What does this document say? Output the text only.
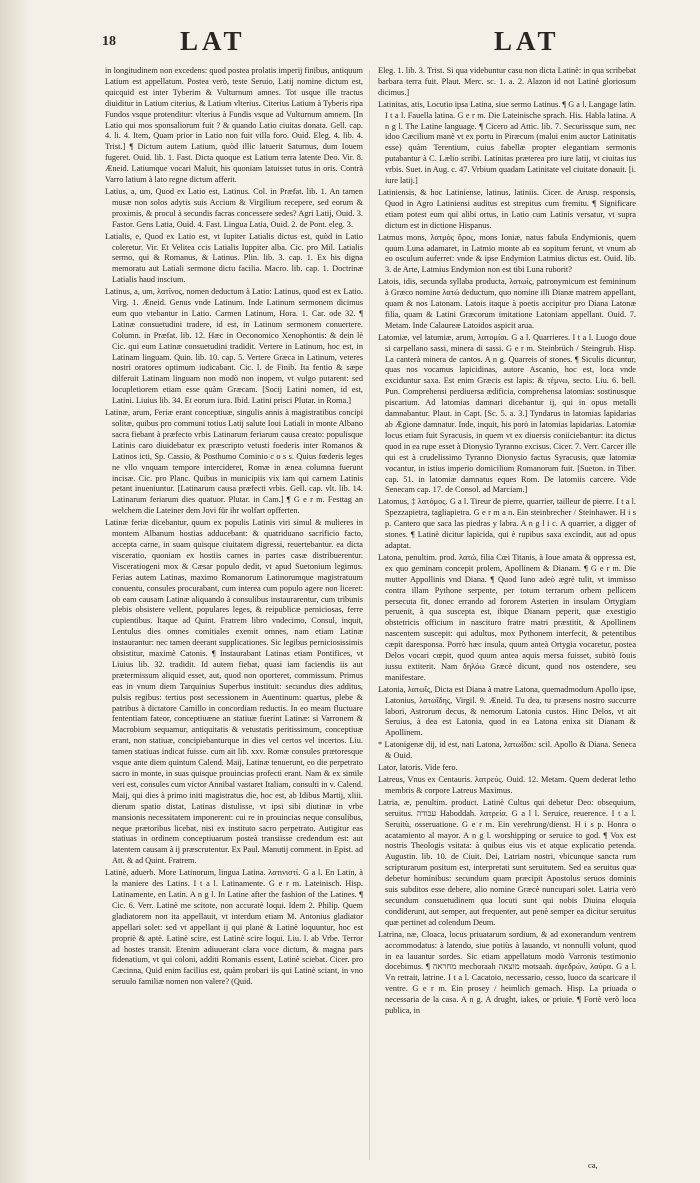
18 LAT	LAT

in longitudinem non excedens: quod postea prolatis imperij finibus, antiquum Latium est appellatum. Postea verò, teste Seruio, Latij nomine dictum est, quicquid est inter Tyberim & Vulturnum amnes. Tot usque ille tractus diuiditur in Latium citerius, & Latium vlterius. Citerius Latium à Tyberis ripa Fundos vsque protenditur: vlterius à Fundis vsque ad Vulturnum amnem. [In Latio qui mos sponsaliorum fuit ? & quando Latio ciuitas donata. Gell. cap. 4. li. 4. Item, Quam prior in Latio non fuit villa foro. Ouid. Eleg. 4. lib. 4. Trist.] ¶ Dictum autem Latium, quòd illic latuerit Saturnus, dum Iouem fugeret. Ouid. lib. 1. Fast. Dicta quoque est Latium terra latente Deo. Vir. 8. Æneid. Latiumque vocari Maluit, his quoniam latuisset tutus in oris. Contrà Varro latium à lato regne dictum afferit.

Latius, a, um, Quod ex Latio est, Latinus. Col. in Præfat. lib. 1. An tamen musæ non solos adytis suis Accium & Virgilium recepere, sed eorum & proximis, & procul à secundis facras concessere sedes? Agri Latij, Ouid. 3. Fastor. Gens Latia, Ouid. 4. Fast. Lingua Latia, Ouid. 2. de Pont. eleg. 3.

Latialis, e, Quod ex Latio est, vt Iupiter Latialis dictus est, quòd in Latio coleretur. Vir. Et Velitea ccis Latialis Iuppiter alba. Cic. pro Mil. Latialis sermo, qui & Romanus, & Latinus. Plin. lib. 3. cap. 1. Ex his digna memoratu aut Latiali sermone dictu facilia. Macro. lib. cap. 1. Doctrinæ Latialis haud inscium.

Latinus, a, um, λατῖνος, nomen deductum à Latio: Latinus, quod est ex Latio. Virg. 1. Æneid. Genus vnde Latinum. Inde Latinum sermonem dicimus eum quo vtebantur in Latio. Carmen Latinum, Hora. 1. Car. ode 32. ¶ Latinæ consuetudini tradere, id est, in Latinum sermonem conuertere. Column. in Præfat. lib. 12. Hæc in Oeconomico Xenophontis: & dein lè Cic. qui eum Latinæ consuetudini tradidit. Vertere in Latinum, hoc est, in Latinam linguam. Quin. lib. 10. cap. 5. Vertere Græca in Latinum, veteres nostri oratores optimum iudicabant. Cic. l. de Finib. Ita fentio & sæpe dilferuit Latinam linguam non modò non inopem, vt vulgo putarent: sed locupletiorem etiam esse quàm Græcam. [Socij Latini nomen, id est, Latini. Liuius lib. 34. Et eorum iura. Ibid. Latini prisci Plutar. in Roma.]

Latinæ, arum, Feriæ erant conceptiuæ, singulis annis à magistratibus concipi solitæ, quibus pro communi totius Latij salute Ioui Latiali in monte Albano sacra fiebant à præfecto vrbis Latinarum feriarum causa creato: populisque Latinis caro diuidebatur ex præscripto vetusti foederis inter Romanos & Latinos icti, Sp. Cassio, & Posthumo Cominio c o s s. Quius fœderis leges ne vllo vnquam tempore intercideret, Romæ in ænea columna fuerunt incisæ. Cic. pro Planc. Quibus in municipiis vix iam qui carnem Latinis petant inueniuntur. [Latinarum causa præfecti vrbis. Gell. cap. vlt. lib. 14. Latinarum feriarum dies quatuor. Plutar. in Cam.] ¶ G e r m. Festtag an welchem die Lateiner dem Jovi für ihr wolfart opfferten.

Latinæ feriæ dicebantur, quum ex populis Latinis viri simul & mulieres in montem Albanum hostias adducebant: & quatriduano sacrificio facto, accepta carne, in suam quisque ciuitatem digressi, reuertebantur. ea dicta visceratio, quoniam ex hostiis carnes in partes casæ distribuerentur. Visceratiogeni mox & Cæsar populo dedit, vt apud Suetonium legimus. Ferias autem Latinas, maximo Romanorum Latinorumque magistratuum conuentu, consules procurabant, cum interea cum populo agere non liceret: ob eam causam Latinæ aliquando à consulibus instaurarentur, cum tribunis plebis obsistere vellent, populares leges, & reipublicæ perniciosas, ferre cupientibus. Itaque ad Quint. Fratrem libro vndecimo, Consul, inquit, Lentulus dies omnes comitiales exemit omnes, nam etiam Latinæ instaurantur: nec tamen deerant supplicationes. Sic legibus perniciosissimis obsistitur, maximè Catonis. ¶ Instaurabant Latinas etiam Pontifices, vt Liuius lib. 32. tradidit. Id autem fiebat, quasi iam faciendis iis aut prætermissum aliquid esset, aut, quod non oporteret, commissum. Primus eas in vnum diem Tarquinius Superbus instituit: secundus dies additus, pulsis regibus: tertius post secessionem in Auentinum: quartus, plebe & patribus à dictatore Camillo in concordiam reductis. In eo meam fluctuare fententiam fateor, conceptiuæne an statiuæ fuerint Latinæ: si Varronem & Macrobium sequamur, antiquitatis & vetustatis peritissimum, conceptiuæ erant, non statiuæ, concipiebanturque in dies vel certos vel incertos. Liu. tamen statiuas indicat fuisse. cum ait lib. xxv. Romæ consules prætoresque vsque ante diem quintum Calend. Maij, Latinæ tenuerunt, eo die perpetrato sacro in monte, in suas quisque prouincias profecti erant. Nam & ex simile veri est, consules cum victor Annibal vastaret Italiam, consulti in v. Calend. Maij, qui dies à primo initi magistratus die, hoc est, ab Idibus Martij, xliii. dierum spatio distat, Latinas distulisse, vt ipsi sibi diutinæ in vrbe mansionis necessitatem imponerent: cui re in prouincias neque consulibus, neque prætoribus licebat, nisi ex instituto sacro perpetrato. Autigitur eas statiuas in ordinem conceptiuarum posteà transiisse credendum est: aut latentem causam à ij præscrutentur. Ex Paul. Manutij comment. in Epist. ad Att. & ad Quint. Fratrem.

Latinè, aduerb. More Latinorum, lingua Latina. λατινιστί. G a l. En Latin, à la maniere des Latins. I t a l. Latinamente. G e r m. Lateinisch. Hisp. Latinamente, en Latin. A n g l. In Latine after the fashion of the Latines. ¶ Cic. 6. Verr. Latinè me scitote, non accuratè loqui. Idem 2. Philip. Quem gladiatorem non ita appellauit, vt interdum etiam M. Antonius gladiator appellari solet: sed vt appellant ij qui planè & Latinè loquuntur, hoc est propriè & aptè. Latinè scire, est Latinè scire loqui. Liu. l. ab Vrbe. Terror ad hostes transit. Etenim adiuuerant clara voce dictum, & magna pars fidenatium, vt qui coloni, additi Romanis essent, Latinè sciebat. Cicer. pro Cæcinna, Quid enim facilius est, quàm probari iis qui Latinè sciant, in vno seruulo familiæ nomen non valere? (Quid.

Eleg. 1. lib. 3. Trist. Si qua videbuntur casu non dicta Latinè: in qua scribebat barbara terra fuit. Plaut. Merc. sc. 1. a. 2. Alazon id not Latinè gloriosum dicimus.]

Latinitas, atis, Locutio ipsa Latina, siue sermo Latinus. ¶ G a l. Langage latin. I t a l. Fauella latina. G e r m. Die Lateinische sprach. His. Habla latina. A n g l. The Latine language. ¶ Cicero ad Attic. lib. 7. Securissque sum, nec idoo Cæcilium manè vt ex portu in Piræcum (malui enim auctor Latinitatis esse) quàm Terentium, cuius fabellæ propter elegantiam sermonis putabantur à C. Lælio scribi. Latinitas præterea pro iure latij, vt ciuitas ius vrbis. Suet. in Aug. c. 47. Vrbium quadam Latinitate vel ciuitate donauit. [i. iure latij.]

Latiniensis, & hoc Latiniense, latinus, latiniis. Cicer. de Arusp. responsis, Quod in Agro Latiniensi auditus est strepitus cum fremitu. ¶ Significare etiam potest eum qui alibi ortus, in Latio cum Latinis versatur, vt supra dictum est in dictione Hispanus.

Latmus mons, λατμὸς ὄρος, mons Ioniæ, natus fabula Endymionis, quem quum Luna adamaret, in Latmio monte ab ea sopitum ferunt, vt vnum ab eo osculum auferret: vnde & ipse Endymion Latmius dictus est. Ouid. lib. 3. de Arte, Latmius Endymion non est tibi Luna ruborit?

Latois, idis, secunda syllaba producta, λατωίς, patronymicum est femininum à Græco nomine λατώ deductum, quo nomine illi Dianæ matrem appellant, quam & nos Latonam. Latois itaque à poetis accipitur pro Diana Latonæ filia, quam & Latini Græcorum imitatione Latoniam appellant. Ouid. 7. Metam. Inde Calaureæ Latoidos aspicit arua.

Latomiæ, vel latumiæ, arum, λατομίαι. G a l. Quarrieres. I t a l. Luogo doue si carpellano sassi, minera di sassi. G e r m. Steinbrüch / Steingrub. Hisp. La canterà minera de cantos. A n g. Quarreis of stones. ¶ Siculis dicuntur, quas nos vocamus lapicidinas, autore Ascanio, hoc est, loca vnde exciduntur saxa. Est enim Græcis est lapis: & τέμνω, secto. Liu. 6. bell. Pun. Comprehensi perdiuersa ædificia, comprehensa latomias: sostinusque piscarium. Ad latomias damnari dicebantur ij, qui in opus metalli damnabantur. Plaut. in Capt. [Sc. 5. a. 3.] Tyndarus in latomias lapidarias ab Ægione damnatur. Inde, inquit, his porò in latomias lapidarias. Latomiæ locus etiam fuit Syracusis, in quem vt ex diuersis coniiciebantur: ita dictus quod in ea rupe esset à Dionysio Tyranno excisus. Cicer. 7. Verr. Carcer ille qui est à crudelissimo Tyranno Dionysio factus Syracusis, quæ latomiæ vocantur, in istius imperio domicilium Romanorum fuit. [Sueton. in Tiber. cap. 51. in latomiæ damnatus eques Rom. De latomiis carcere. Vide Senecam cap. 17. de Consol. ad Marciam.]

Latomus, ‡ λατόμος. G a l. Tireur de pierre, quarrier, tailleur de pierre. I t a l. Spezzapietra, tagliapietra. G e r m a n. Ein steinbrecher / Steinhawer. H i s p. Cantero que saca las piedras y labra. A n g l i c. A quarrier, a digger of stones. ¶ Latinè dicitur lapicida, qui è rupibus saxa excindit, aut ad opus adaptat.

Latona, penultim. prod. λατώ, filia Cœi Titanis, à Ioue amata & oppressa est, ex quo geminam concepit prolem, Apollinem & Dianam. ¶ G e r m. Die mutter Appollinis vnd Diana. ¶ Quod Iuno adeò ægrè tulit, vt immisso contra illam Pythone serpente, per totum terrarum orbem pellicem persecuta fit, donec errando ad fororem Asterien in insulam Ortygiam peruenit, à qua suscepta est, ibique Dianam peperit, quæ exestigio obstetricis officium in nascituro fratre matri præstitit, & Apollinem nascentem suscepit: qui adultus, mox Pythonem interfecit, & petentibus cæpit daresponsa. Porrò hæc insula, quum anteà Ortygia vocaretur, postea Delos vocari cœpit, quod quum antea aquis mersa fuisset, subitò Iouis iussu extiterit. Nam δηλόω Græcè dicunt, quod nos ostendere, seu manifestare.

Latonia, λατωΐς, Dicta est Diana à matre Latona, quemadmodum Apollo ipse, Latonius, λατωΐδης, Virgil. 9. Æneid. Tu dea, tu præsens nostro succurre labori, Astrorum decus, & nemorum Latonia custos. Hinc Delos, vt ait Seruius, à dea est Latonia, quod in ea Latona enixa sit Dianam & Apollinem.

* Latonigenæ dij, id est, nati Latona, λατωΐδαι: scil. Apollo & Diana. Seneca & Ouid.

Lator, latoris. Vide fero.

Latreus, Vnus ex Centauris. λατρεύς. Ouid. 12. Metam. Quem dederat letho membris & corpore Latreus Maximus.

Latria, æ, penultim. product. Latinè Cultus qui debetur Deo: obsequium, seruitus. עבודה Haboddah. λατρεία. G a l l. Seruice, reuerence. I t a l. Seruitù, osseruatione. G e r m. Ein verehrung/dienst. H i s p. Honra o acatamiento al mayor. A n g l. worshipping or seruice to god. ¶ Vox est nostris Theologis vsitata: à quibus eius vis et atque explicatio petenda. Augustin. lib. 10. de Ciuit. Dei, Latriam nostri, vbicunque sancta rum scripturarum positum est, interpretati sunt seruitutem. Sed ea seruitus quæ debetur hominibus: secundum quam præcipit Apostolus seruos dominis suis subditos esse debere, alio nomine Græcè nuncupari solet. Latria verò secundum consuetudinem qua locuti sunt qui nobis Diuina eloquia condiderunt, aut semper, aut frequenter, aut penè semper ea dicitur seruitus quæ pertinet ad colendum Deum.

Latrina, næ, Cloaca, locus priuatarum sordium, & ad exonerandum ventrem accommodatus: à latendo, siue potiùs à lauando, vt nonnulli volunt, quod in ea lauantur sordes. Sic etiam appellatum modò Varronis testimonio docebimus. ¶ מחראה mechoraah מוצאה motsaah. ἀφεδρών, λαύρα. G a l. Vn retrait, latrine. I t a l. Cacatoio, necessario, cesso, luoco da scaricare il ventre. G e r m. Ein prosey / heimlich gemach. Hisp. La priuada o necessaria de la casa. A n g. A drught, iakes, or priuie. ¶ Fortè verò loca publica, in

ca,
